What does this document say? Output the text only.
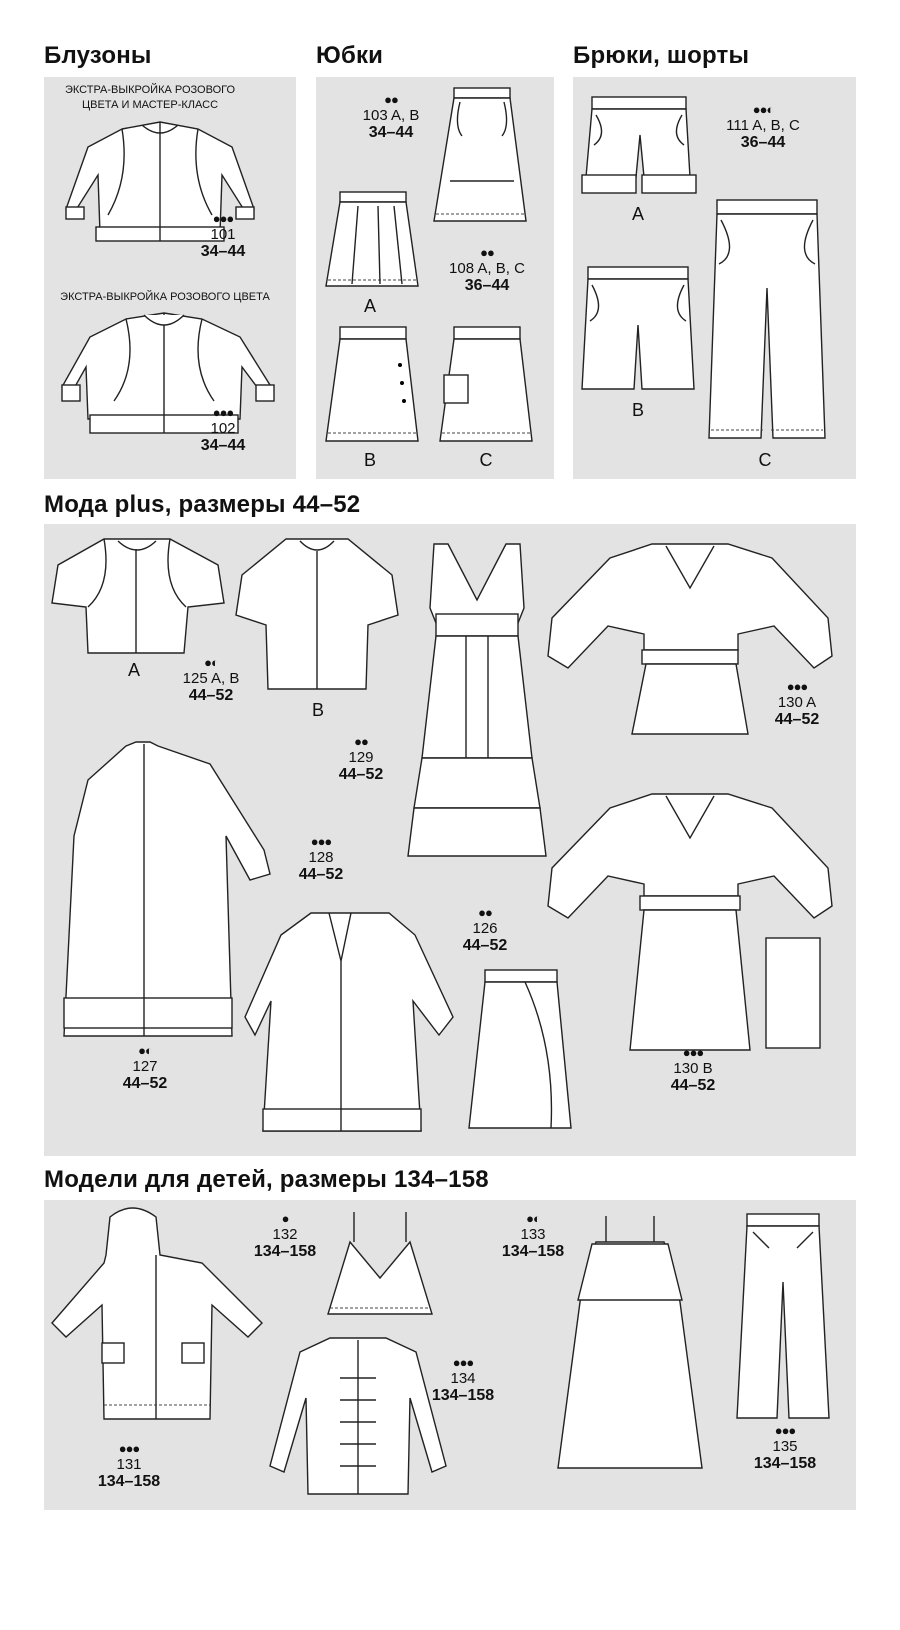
Блузоны	Юбки	Брюки, шорты
Мода plus, размеры 44–52
Модели для детей, размеры 134–158
ЭКСТРА-ВЫКРОЙКА РОЗОВОГО ЦВЕТА И МАСТЕР-КЛАСС
●●●
101
34–44
ЭКСТРА-ВЫКРОЙКА РОЗОВОГО ЦВЕТА
●●●
102
34–44
●●
103 A, B
34–44
A
●●
108 A, B, C
36–44
B	C
A
●●◐
111 A, B, C
36–44
B
C
A	●◐
125 A, B
44–52
B
●●
129
44–52
●●●
130 A
44–52
●◐
127
44–52
●●●
128
44–52
●●
126
44–52
●●●
130 B
44–52
●●●
131
134–158
●
132
134–158
●●●
134
134–158
●◐
133
134–158
●●●
135
134–158
